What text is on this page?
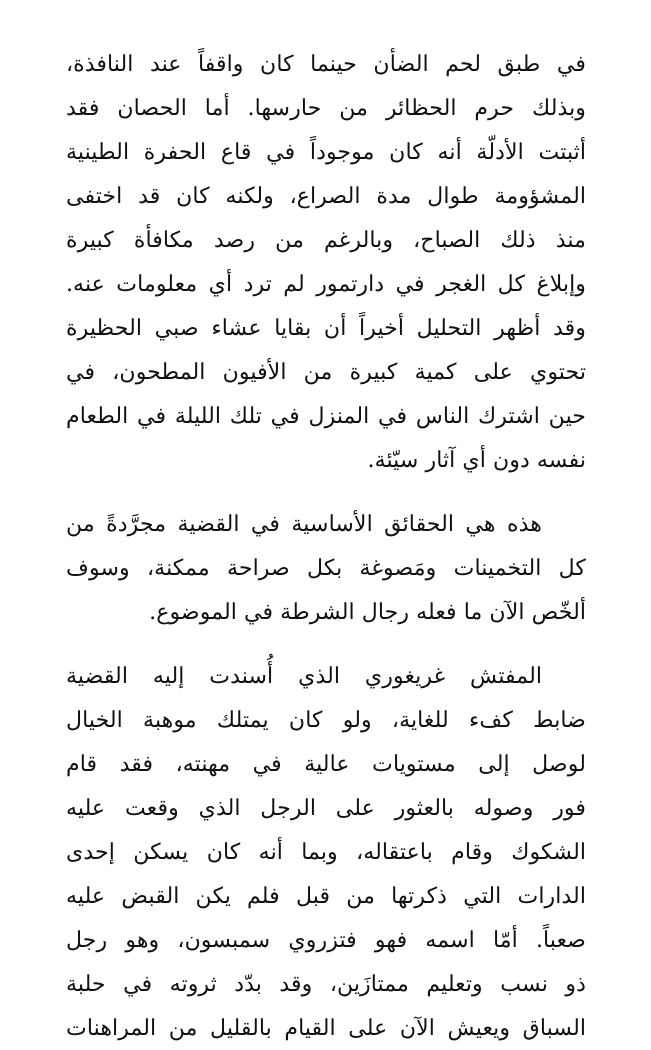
في طبق لحم الضأن حينما كان واقفاً عند النافذة،
وبذلك حرم الحظائر من حارسها. أما الحصان فقد
أثبتت الأدلّة أنه كان موجوداً في قاع الحفرة الطينية
المشؤومة طوال مدة الصراع، ولكنه كان قد اختفى
منذ ذلك الصباح، وبالرغم من رصد مكافأة كبيرة
وإبلاغ كل الغجر في دارتمور لم ترد أي معلومات عنه.
وقد أظهر التحليل أخيراً أن بقايا عشاء صبي الحظيرة
تحتوي على كمية كبيرة من الأفيون المطحون، في
حين اشترك الناس في المنزل في تلك الليلة في الطعام
نفسه دون أي آثار سيّئة.

هذه هي الحقائق الأساسية في القضية مجرَّدةً من
كل التخمينات ومَصوغة بكل صراحة ممكنة، وسوف
ألخّص الآن ما فعله رجال الشرطة في الموضوع.

المفتش غريغوري الذي أُسندت إليه القضية
ضابط كفء للغاية، ولو كان يمتلك موهبة الخيال
لوصل إلى مستويات عالية في مهنته، فقد قام
فور وصوله بالعثور على الرجل الذي وقعت عليه
الشكوك وقام باعتقاله، وبما أنه كان يسكن إحدى
الدارات التي ذكرتها من قبل فلم يكن القبض عليه
صعباً. أمّا اسمه فهو فتزروي سمبسون، وهو رجل
ذو نسب وتعليم ممتازَين، وقد بدّد ثروته في حلبة
السباق ويعيش الآن على القيام بالقليل من المراهنات
